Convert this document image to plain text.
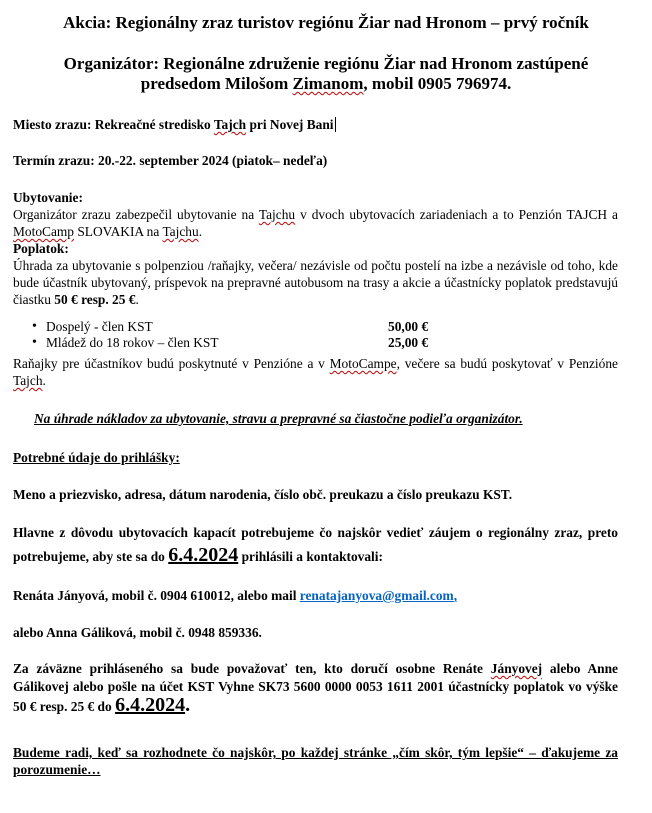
Akcia: Regionálny zraz turistov regiónu Žiar nad Hronom – prvý ročník
Organizátor: Regionálne združenie regiónu Žiar nad Hronom zastúpené
predsedom Milošom Zimanom, mobil 0905 796974.
Miesto zrazu: Rekreačné stredisko Tajch pri Novej Bani
Termín zrazu: 20.-22. september 2024 (piatok– nedeľa)
Ubytovanie:
Organizátor zrazu zabezpečil ubytovanie na Tajchu v dvoch ubytovacích zariadeniach a to Penzión TAJCH a MotoCamp SLOVAKIA na Tajchu.
Poplatok:
Úhrada za ubytovanie s polpenziou /raňajky, večera/ nezávisle od počtu postelí na izbe a nezávisle od toho, kde bude účastník ubytovaný, príspevok na prepravné autobusom na trasy a akcie a účastnícky poplatok predstavujú čiastku 50 € resp. 25 €.
• Dospelý - člen KST	50,00 €
• Mládež do 18 rokov – člen KST	25,00 €
Raňajky pre účastníkov budú poskytnuté v Penzióne a v MotoCampe, večere sa budú poskytovať v Penzióne Tajch.
Na úhrade nákladov za ubytovanie, stravu a prepravné sa čiastočne podieľa organizátor.
Potrebné údaje do prihlášky:
Meno a priezvisko, adresa, dátum narodenia, číslo obč. preukazu a číslo preukazu KST.
Hlavne z dôvodu ubytovacích kapacít potrebujeme čo najskôr vedieť záujem o regionálny zraz, preto potrebujeme, aby ste sa do 6.4.2024 prihlásili a kontaktovali:
Renáta Jányová, mobil č. 0904 610012, alebo mail renatajanyova@gmail.com,
alebo Anna Gáliková, mobil č. 0948 859336.
Za záväzne prihláseného sa bude považovať ten, kto doručí osobne Renáte Jányovej alebo Anne Gálikovej alebo pošle na účet KST Vyhne SK73 5600 0000 0053 1611 2001 účastnícky poplatok vo výške 50 € resp. 25 € do 6.4.2024.
Budeme radi, keď sa rozhodnete čo najskôr, po každej stránke „čím skôr, tým lepšie“ – ďakujeme za porozumenie…
